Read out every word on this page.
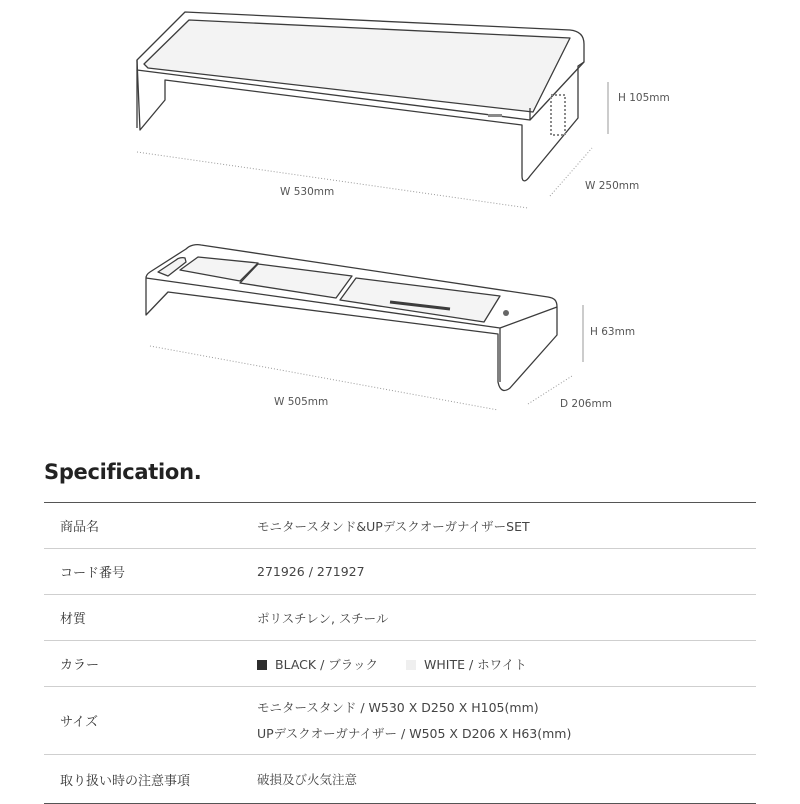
H 105mm
W 530mm	W 250mm
H 63mm
W 505mm	D 206mm
Specification.
商品名	モニタースタンド&UPデスクオーガナイザーSET
コード番号	271926 / 271927
材質	ポリスチレン, スチール
カラー	BLACK / ブラック	WHITE / ホワイト
サイズ
モニタースタンド / W530 X D250 X H105(mm)
UPデスクオーガナイザー / W505 X D206 X H63(mm)
取り扱い時の注意事項	破損及び火気注意
